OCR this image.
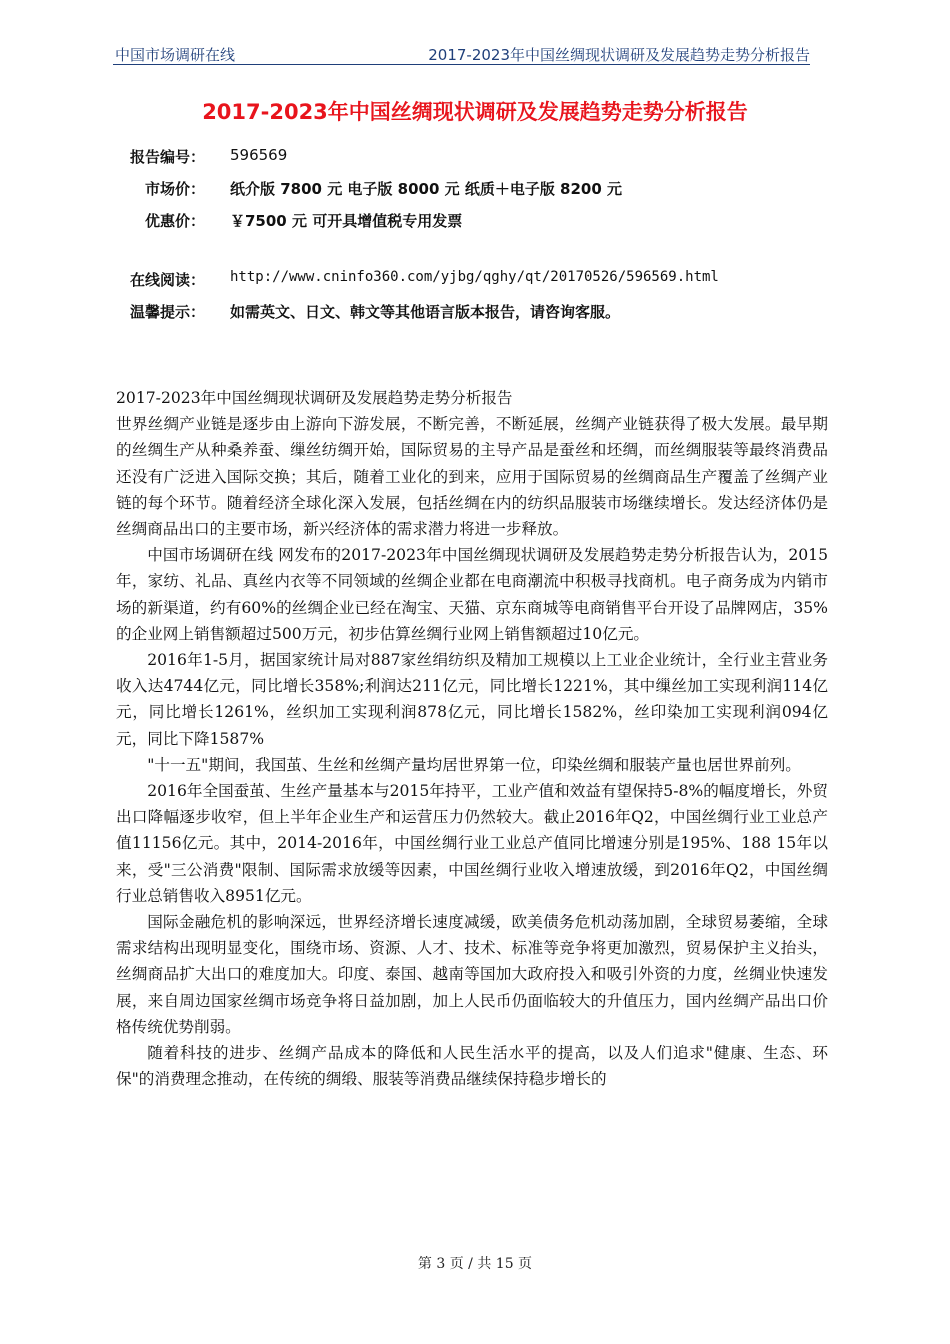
中国市场调研在线	2017-2023年中国丝绸现状调研及发展趋势走势分析报告
2017-2023年中国丝绸现状调研及发展趋势走势分析报告
报告编号： 596569
市场价： 纸介版 7800 元 电子版 8000 元 纸质＋电子版 8200 元
优惠价： ￥7500 元 可开具增值税专用发票
在线阅读： http://www.cninfo360.com/yjbg/qghy/qt/20170526/596569.html
温馨提示： 如需英文、日文、韩文等其他语言版本报告，请咨询客服。

2017-2023年中国丝绸现状调研及发展趋势走势分析报告

世界丝绸产业链是逐步由上游向下游发展，不断完善，不断延展，丝绸产业链获得了极大发展。最早期的丝绸生产从种桑养蚕、缫丝纺绸开始，国际贸易的主导产品是蚕丝和坯绸，而丝绸服装等最终消费品还没有广泛进入国际交换；其后，随着工业化的到来，应用于国际贸易的丝绸商品生产覆盖了丝绸产业链的每个环节。随着经济全球化深入发展，包括丝绸在内的纺织品服装市场继续增长。发达经济体仍是丝绸商品出口的主要市场，新兴经济体的需求潜力将进一步释放。

中国市场调研在线 网发布的2017-2023年中国丝绸现状调研及发展趋势走势分析报告认为，2015年，家纺、礼品、真丝内衣等不同领域的丝绸企业都在电商潮流中积极寻找商机。电子商务成为内销市场的新渠道，约有60%的丝绸企业已经在淘宝、天猫、京东商城等电商销售平台开设了品牌网店，35%的企业网上销售额超过500万元，初步估算丝绸行业网上销售额超过10亿元。

2016年1-5月，据国家统计局对887家丝绢纺织及精加工规模以上工业企业统计，全行业主营业务收入达4744亿元，同比增长358%;利润达211亿元，同比增长1221%，其中缫丝加工实现利润114亿元，同比增长1261%，丝织加工实现利润878亿元，同比增长1582%，丝印染加工实现利润094亿元，同比下降1587%

"十一五"期间，我国茧、生丝和丝绸产量均居世界第一位，印染丝绸和服装产量也居世界前列。

2016年全国蚕茧、生丝产量基本与2015年持平，工业产值和效益有望保持5-8%的幅度增长，外贸出口降幅逐步收窄，但上半年企业生产和运营压力仍然较大。截止2016年Q2，中国丝绸行业工业总产值11156亿元。其中，2014-2016年，中国丝绸行业工业总产值同比增速分别是195%、188 15年以来，受"三公消费"限制、国际需求放缓等因素，中国丝绸行业收入增速放缓，到2016年Q2，中国丝绸行业总销售收入8951亿元。

国际金融危机的影响深远，世界经济增长速度减缓，欧美债务危机动荡加剧，全球贸易萎缩，全球需求结构出现明显变化，围绕市场、资源、人才、技术、标准等竞争将更加激烈，贸易保护主义抬头，丝绸商品扩大出口的难度加大。印度、泰国、越南等国加大政府投入和吸引外资的力度，丝绸业快速发展，来自周边国家丝绸市场竞争将日益加剧，加上人民币仍面临较大的升值压力，国内丝绸产品出口价格传统优势削弱。

随着科技的进步、丝绸产品成本的降低和人民生活水平的提高，以及人们追求"健康、生态、环保"的消费理念推动，在传统的绸缎、服装等消费品继续保持稳步增长的

第 3 页 / 共 15 页
